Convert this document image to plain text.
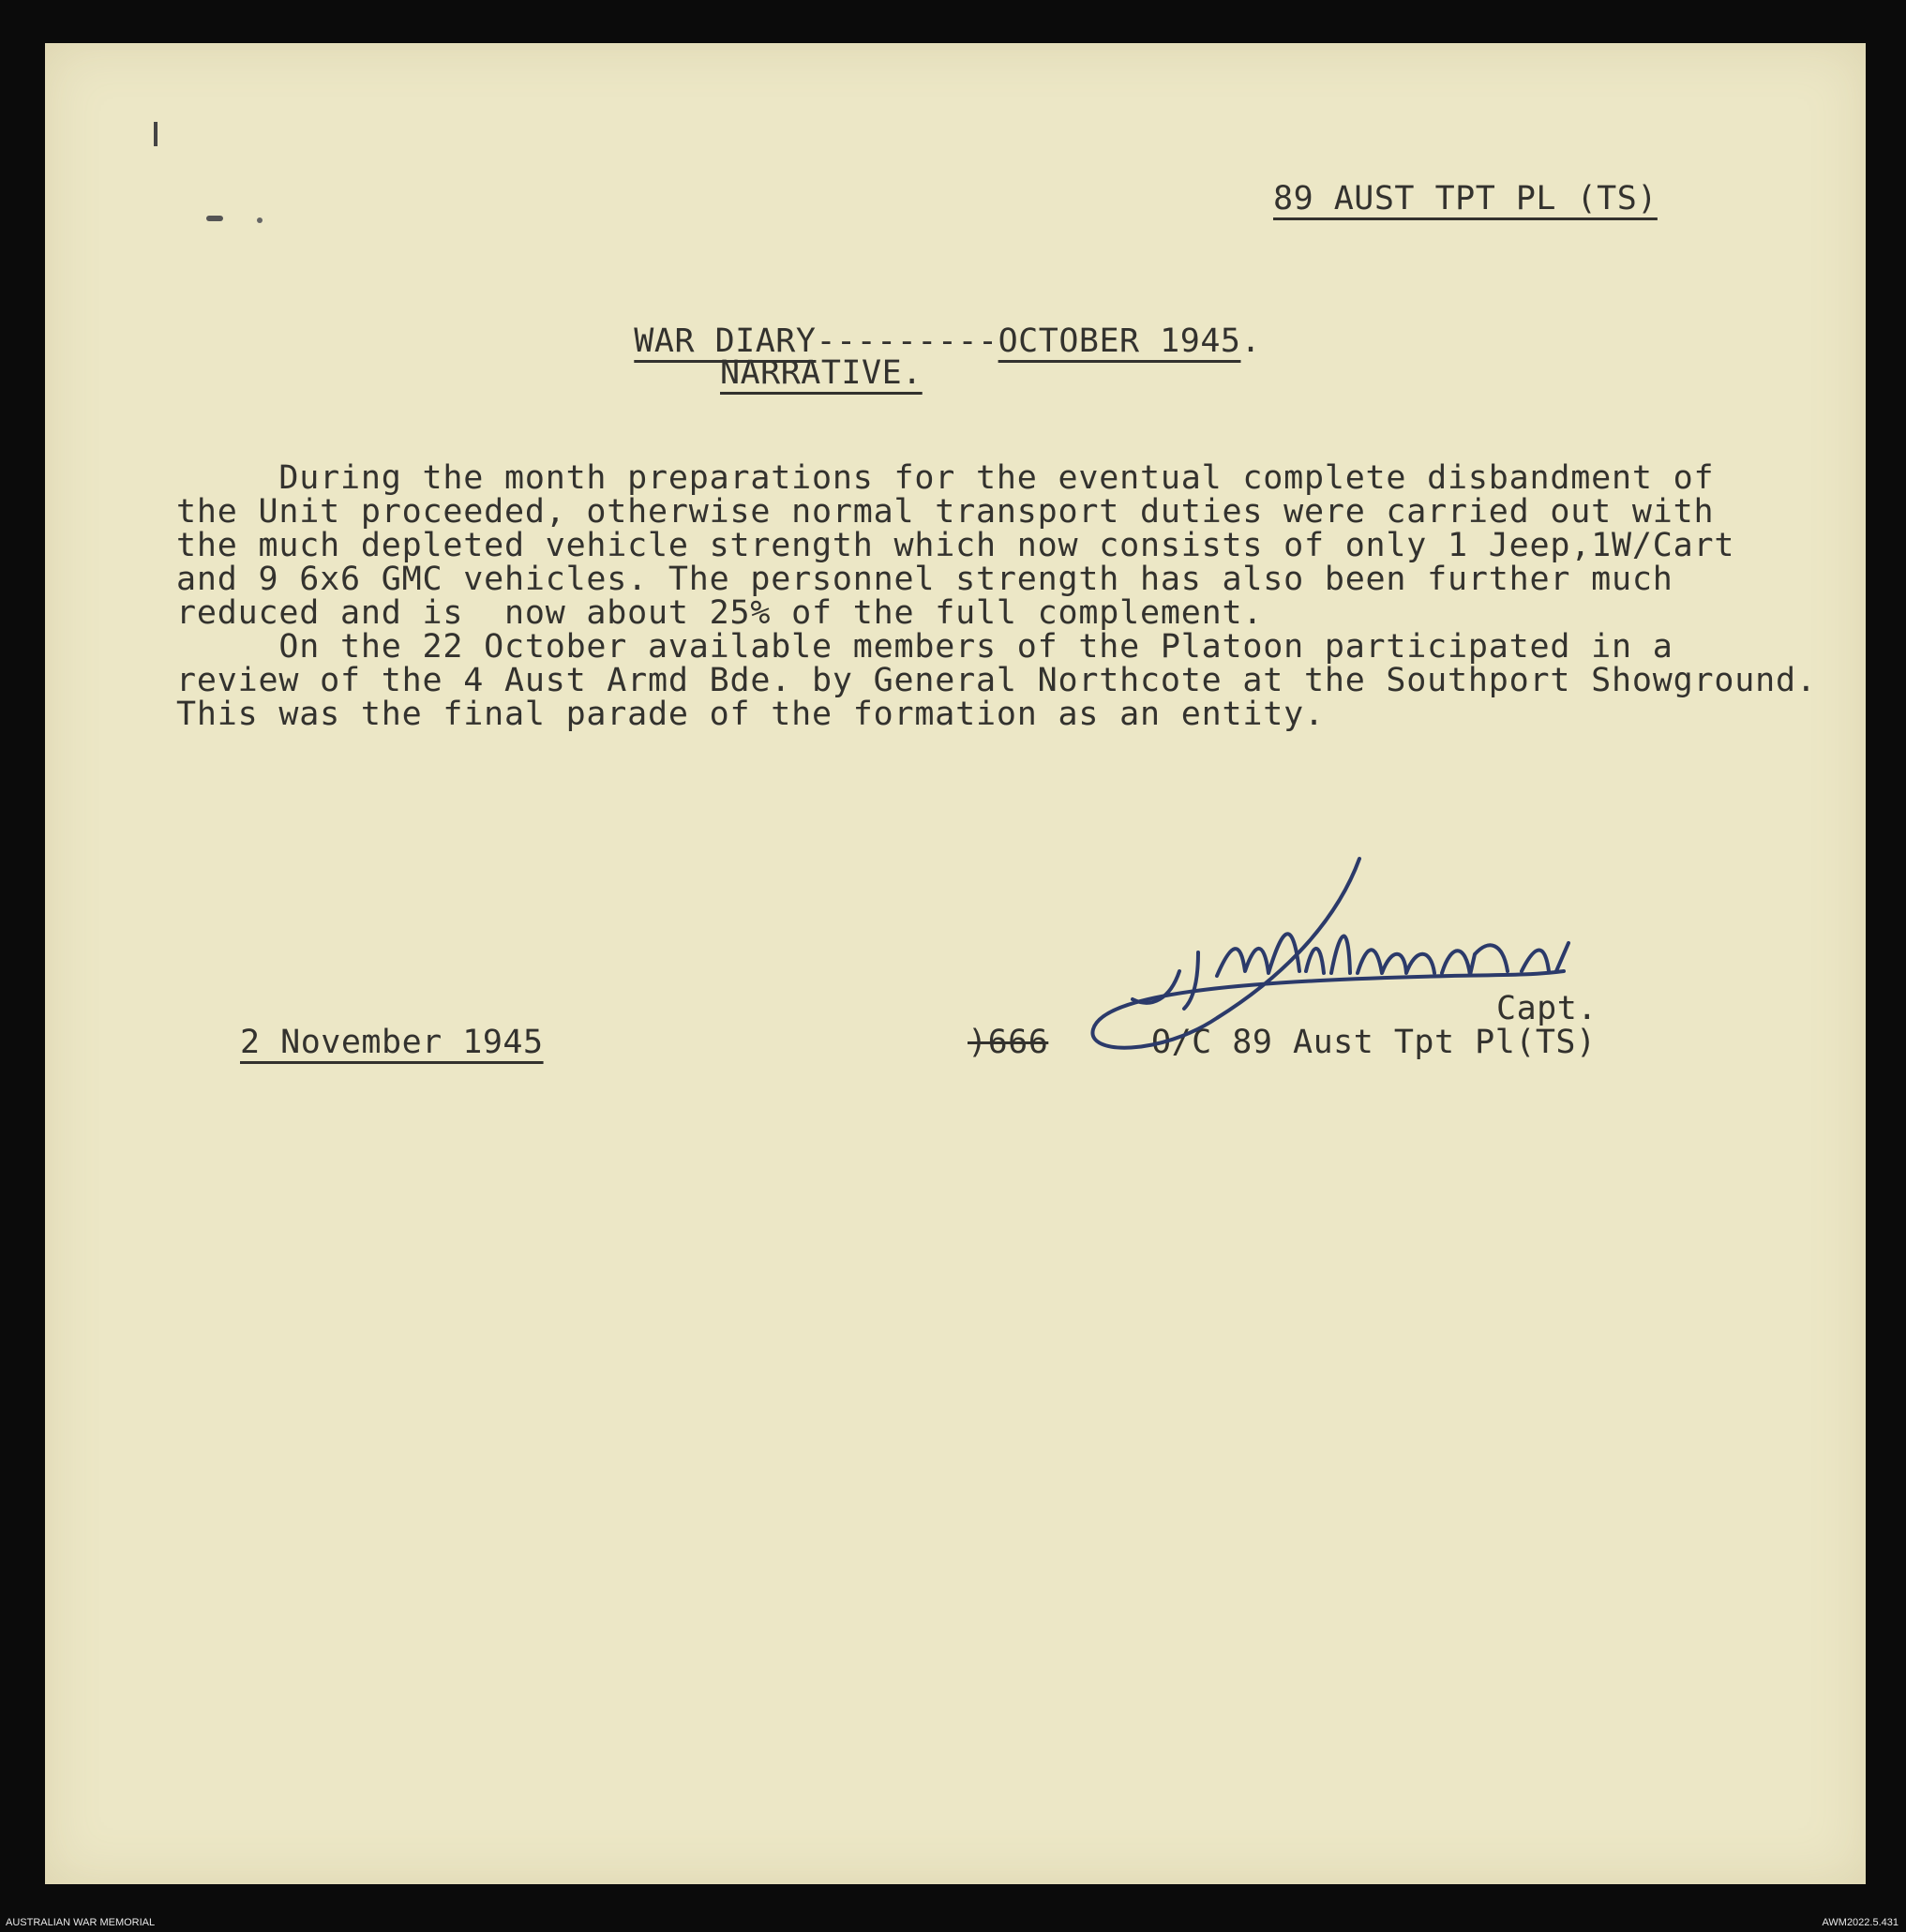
89 AUST TPT PL (TS)

WAR DIARY---------OCTOBER 1945.

NARRATIVE.
During the month preparations for the eventual complete disbandment of
the Unit proceeded, otherwise normal transport duties were carried out with
the much depleted vehicle strength which now consists of only 1 Jeep,1W/Cart
and 9 6x6 GMC vehicles. The personnel strength has also been further much
reduced and is  now about 25% of the full complement.
On the 22 October available members of the Platoon participated in a
review of the 4 Aust Armd Bde. by General Northcote at the Southport Showground.
This was the final parade of the formation as an entity.
2 November 1945	)666
Capt.
O/C 89 Aust Tpt Pl(TS)
AUSTRALIAN WAR MEMORIAL	AWM2022.5.431
